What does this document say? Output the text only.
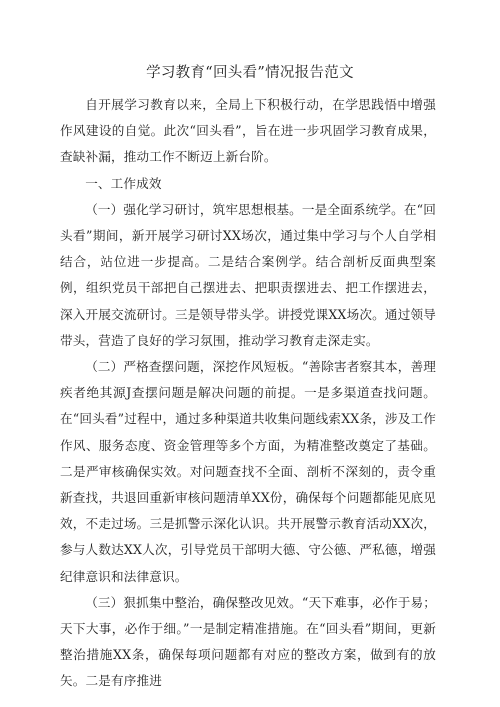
学习教育“回头看”情况报告范文

自开展学习教育以来，全局上下积极行动，在学思践悟中增强作风建设的自觉。此次“回头看”，旨在进一步巩固学习教育成果，查缺补漏，推动工作不断迈上新台阶。

一、工作成效

（一）强化学习研讨，筑牢思想根基。一是全面系统学。在“回头看”期间，新开展学习研讨XX场次，通过集中学习与个人自学相结合，站位进一步提高。二是结合案例学。结合剖析反面典型案例，组织党员干部把自己摆进去、把职责摆进去、把工作摆进去，深入开展交流研讨。三是领导带头学。讲授党课XX场次。通过领导带头，营造了良好的学习氛围，推动学习教育走深走实。

（二）严格查摆问题，深挖作风短板。“善除害者察其本，善理疾者绝其源J查摆问题是解决问题的前提。一是多渠道查找问题。在“回头看”过程中，通过多种渠道共收集问题线索XX条，涉及工作作风、服务态度、资金管理等多个方面，为精准整改奠定了基础。二是严审核确保实效。对问题查找不全面、剖析不深刻的，责令重新查找，共退回重新审核问题清单XX份，确保每个问题都能见底见效，不走过场。三是抓警示深化认识。共开展警示教育活动XX次，参与人数达XX人次，引导党员干部明大德、守公德、严私德，增强纪律意识和法律意识。

（三）狠抓集中整治，确保整改见效。“天下难事，必作于易；天下大事，必作于细。”一是制定精准措施。在“回头看”期间，更新整治措施XX条，确保每项问题都有对应的整改方案，做到有的放矢。二是有序推进
